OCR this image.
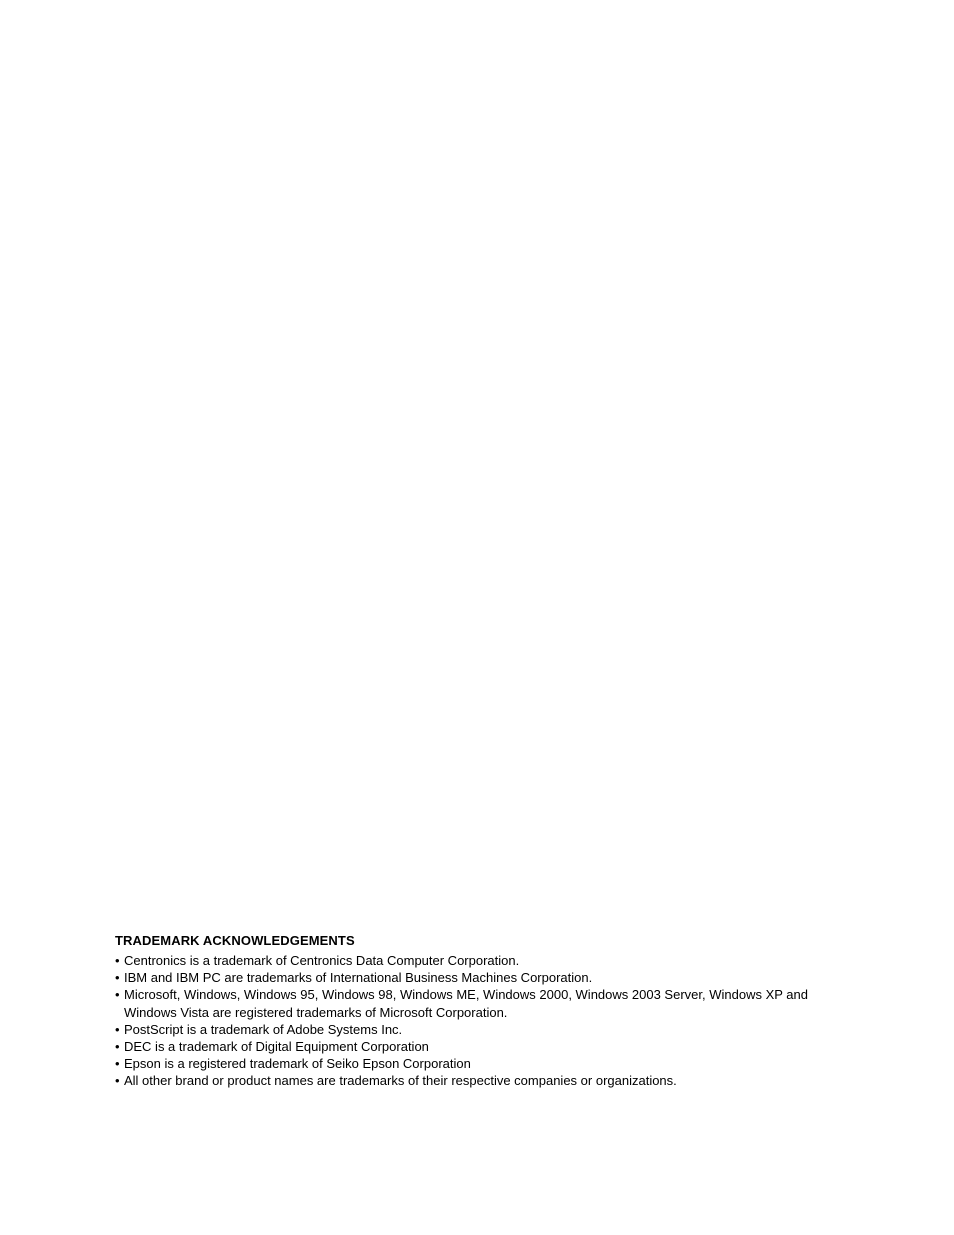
TRADEMARK ACKNOWLEDGEMENTS
• Centronics is a trademark of Centronics Data Computer Corporation.
• IBM and IBM PC are trademarks of International Business Machines Corporation.
• Microsoft, Windows, Windows 95, Windows 98, Windows ME, Windows 2000, Windows 2003 Server, Windows XP and Windows Vista are registered trademarks of Microsoft Corporation.
• PostScript is a trademark of Adobe Systems Inc.
• DEC is a trademark of Digital Equipment Corporation
• Epson is a registered trademark of Seiko Epson Corporation
• All other brand or product names are trademarks of their respective companies or organizations.
